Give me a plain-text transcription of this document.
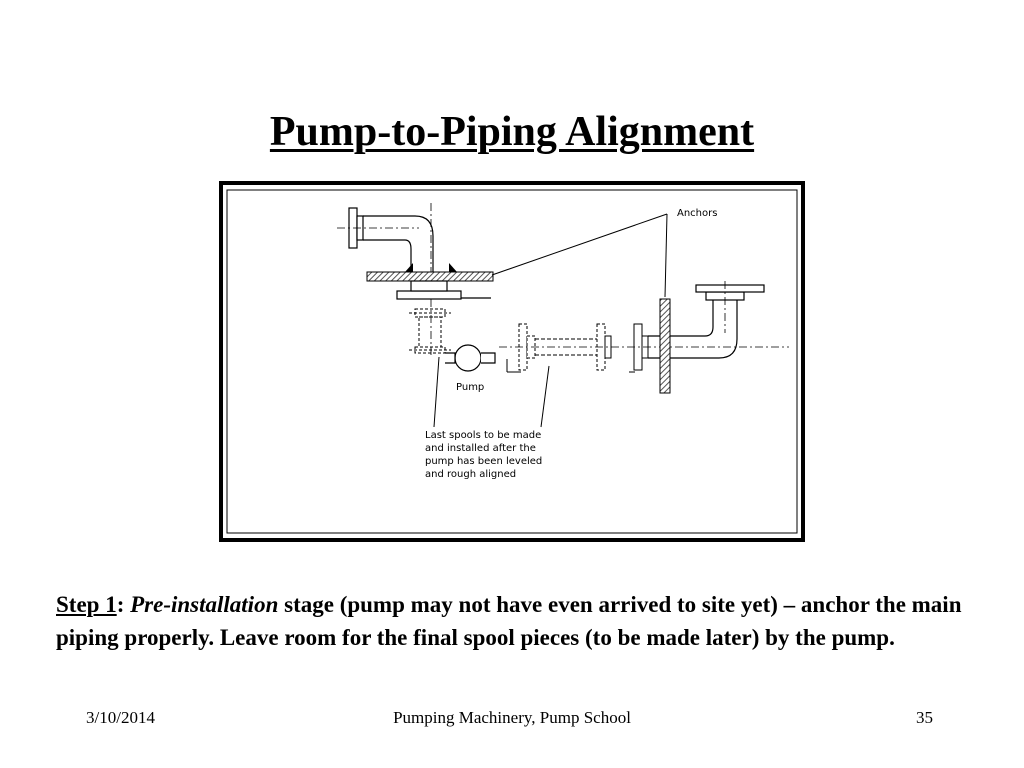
Pump-to-Piping Alignment
Pump
Anchors
Last spools to be made
and installed after the
pump has been leveled
and rough aligned
Step 1: Pre-installation stage (pump may not have even arrived to site yet) – anchor the main piping properly. Leave room for the final spool pieces (to be made later) by the pump.
3/10/2014	Pumping Machinery, Pump School	35
